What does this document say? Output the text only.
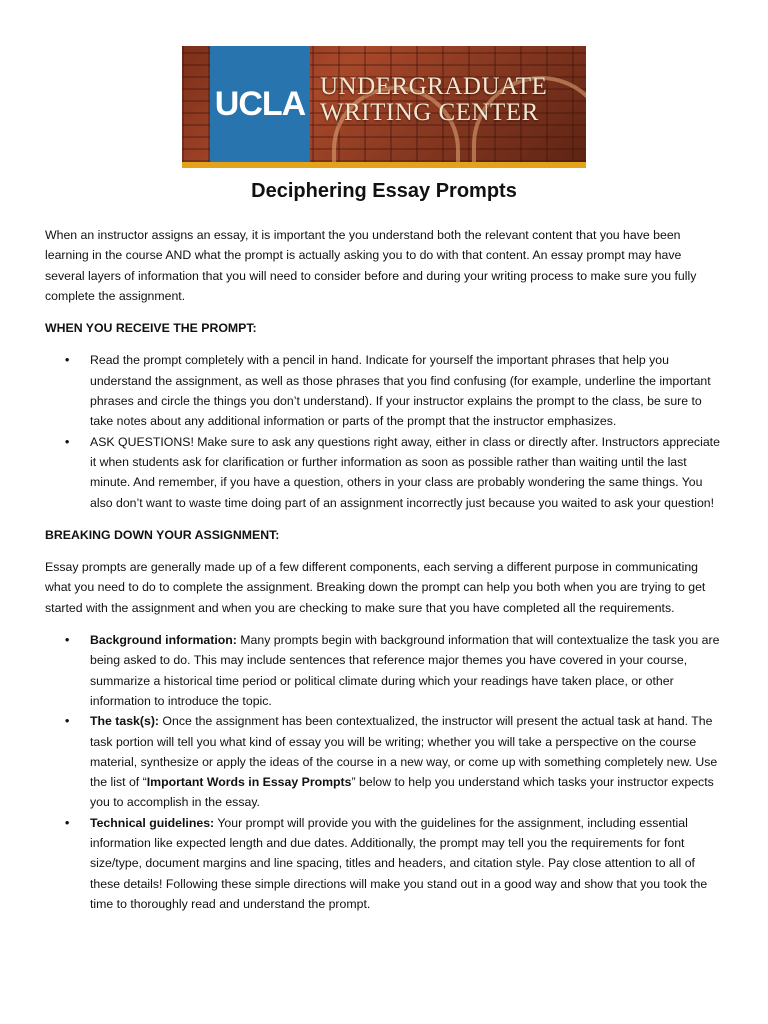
UCLA UNDERGRADUATE
WRITING CENTER
Deciphering Essay Prompts

When an instructor assigns an essay, it is important the you understand both the relevant content that you have been learning in the course AND what the prompt is actually asking you to do with that content. An essay prompt may have several layers of information that you will need to consider before and during your writing process to make sure you fully complete the assignment.

WHEN YOU RECEIVE THE PROMPT:
• Read the prompt completely with a pencil in hand. Indicate for yourself the important phrases that help you understand the assignment, as well as those phrases that you find confusing (for example, underline the important phrases and circle the things you don’t understand). If your instructor explains the prompt to the class, be sure to take notes about any additional information or parts of the prompt that the instructor emphasizes.
• ASK QUESTIONS! Make sure to ask any questions right away, either in class or directly after. Instructors appreciate it when students ask for clarification or further information as soon as possible rather than waiting until the last minute. And remember, if you have a question, others in your class are probably wondering the same things. You also don’t want to waste time doing part of an assignment incorrectly just because you waited to ask your question!
BREAKING DOWN YOUR ASSIGNMENT:

Essay prompts are generally made up of a few different components, each serving a different purpose in communicating what you need to do to complete the assignment. Breaking down the prompt can help you both when you are trying to get started with the assignment and when you are checking to make sure that you have completed all the requirements.

• Background information: Many prompts begin with background information that will contextualize the task you are being asked to do. This may include sentences that reference major themes you have covered in your course, summarize a historical time period or political climate during which your readings have taken place, or other information to introduce the topic.
• The task(s): Once the assignment has been contextualized, the instructor will present the actual task at hand. The task portion will tell you what kind of essay you will be writing; whether you will take a perspective on the course material, synthesize or apply the ideas of the course in a new way, or come up with something completely new. Use the list of “Important Words in Essay Prompts” below to help you understand which tasks your instructor expects you to accomplish in the essay.
• Technical guidelines: Your prompt will provide you with the guidelines for the assignment, including essential information like expected length and due dates. Additionally, the prompt may tell you the requirements for font size/type, document margins and line spacing, titles and headers, and citation style. Pay close attention to all of these details! Following these simple directions will make you stand out in a good way and show that you took the time to thoroughly read and understand the prompt.
